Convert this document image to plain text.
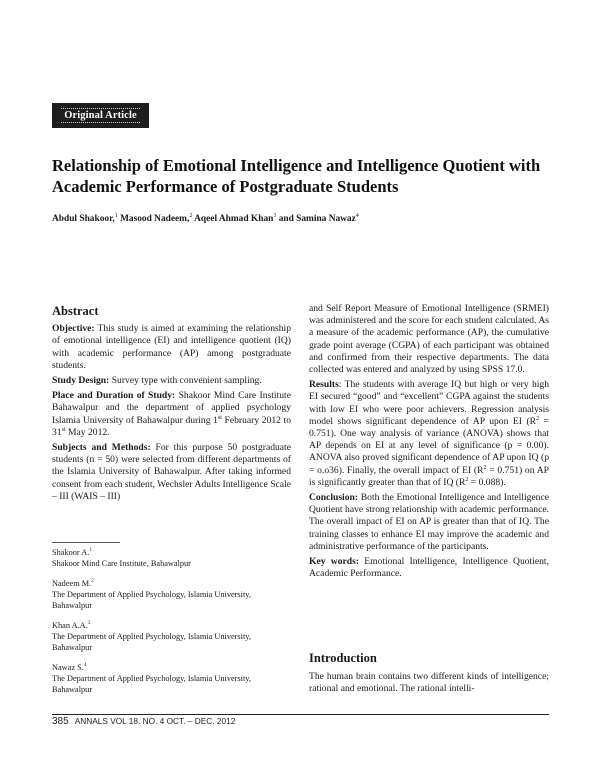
Original Article
Relationship of Emotional Intelligence and Intelligence Quotient with Academic Performance of Postgraduate Students
Abdul Shakoor,$^1$ Masood Nadeem,$^2$ Aqeel Ahmad Khan$^3$ and Samina Nawaz$^4$
Abstract

Objective: This study is aimed at examining the relationship of emotional intelligence (EI) and intelligence quotient (IQ) with academic performance (AP) among postgraduate students.

Study Design: Survey type with convenient sampling.

Place and Duration of Study: Shakoor Mind Care Institute Bahawalpur and the department of applied psychology Islamia University of Bahawalpur during 1st February 2012 to 31st May 2012.

Subjects and Methods: For this purpose 50 postgraduate students (n = 50) were selected from different departments of the Islamia University of Bahawalpur. After taking informed consent from each student, Wechsler Adults Intelligence Scale – III (WAIS – III)

Shakoor A.$^1$
Shakoor Mind Care Institute, Bahawalpur
Nadeem M.$^2$
The Department of Applied Psychology, Islamia University,
Bahawalpur
Khan A.A.$^3$
The Department of Applied Psychology, Islamia University,
Bahawalpur
Nawaz S.$^4$
The Department of Applied Psychology, Islamia University,
Bahawalpur

and Self Report Measure of Emotional Intelligence (SRMEI) was administered and the score for each student calculated. As a measure of the academic performance (AP), the cumulative grade point average (CGPA) of each participant was obtained and confirmed from their respective departments. The data collected was entered and analyzed by using SPSS 17.0.

Results: The students with average IQ but high or very high EI secured “good” and “excellent” CGPA against the students with low EI who were poor achievers. Regression analysis model shows significant dependence of AP upon EI $(R^2 = 0.751)$. One way analysis of variance (ANOVA) shows that AP depends on EI at any level of significance (p = 0.00). ANOVA also proved significant dependence of AP upon IQ (p = o.o36). Finally, the overall impact of EI $(R^2 = 0.751)$ on AP is significantly greater than that of IQ $(R^2 = 0.088)$.

Conclusion: Both the Emotional Intelligence and Intelligence Quotient have strong relationship with academic performance. The overall impact of EI on AP is greater than that of IQ. The training classes to enhance EI may improve the academic and administrative performance of the participants.

Key words: Emotional Intelligence, Intelligence Quotient, Academic Performance.

Introduction
The human brain contains two different kinds of intelligence; rational and emotional. The rational intelli-
385 ANNALS VOL 18. NO. 4 OCT. – DEC. 2012
